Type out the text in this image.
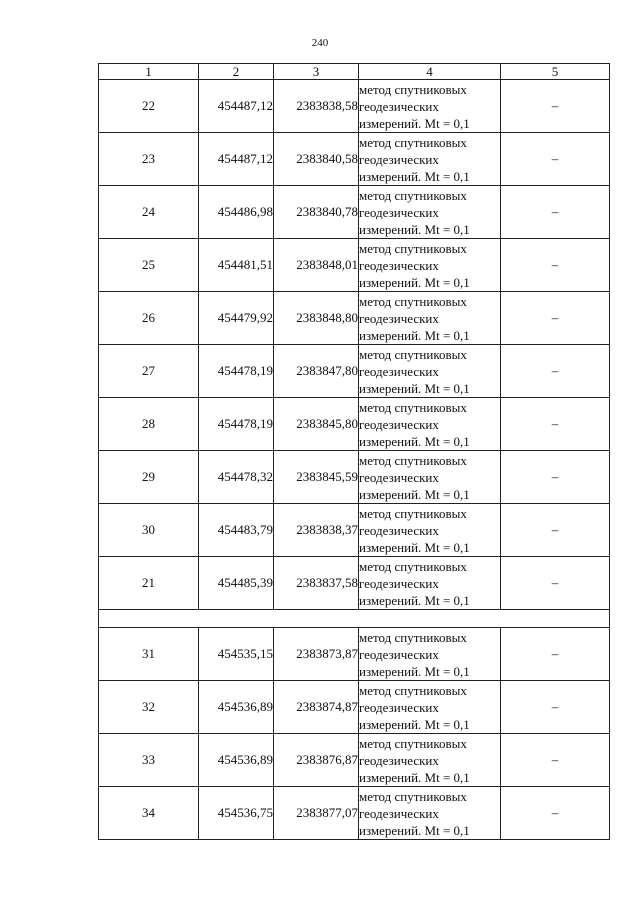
240
1	2	3	4	5
22	454487,12	2383838,58	метод спутниковых
геодезических
измерений. Mt = 0,1	–
23	454487,12	2383840,58	метод спутниковых
геодезических
измерений. Mt = 0,1	–
24	454486,98	2383840,78	метод спутниковых
геодезических
измерений. Mt = 0,1	–
25	454481,51	2383848,01	метод спутниковых
геодезических
измерений. Mt = 0,1	–
26	454479,92	2383848,80	метод спутниковых
геодезических
измерений. Mt = 0,1	–
27	454478,19	2383847,80	метод спутниковых
геодезических
измерений. Mt = 0,1	–
28	454478,19	2383845,80	метод спутниковых
геодезических
измерений. Mt = 0,1	–
29	454478,32	2383845,59	метод спутниковых
геодезических
измерений. Mt = 0,1	–
30	454483,79	2383838,37	метод спутниковых
геодезических
измерений. Mt = 0,1	–
21	454485,39	2383837,58	метод спутниковых
геодезических
измерений. Mt = 0,1	–

31	454535,15	2383873,87	метод спутниковых
геодезических
измерений. Mt = 0,1	–
32	454536,89	2383874,87	метод спутниковых
геодезических
измерений. Mt = 0,1	–
33	454536,89	2383876,87	метод спутниковых
геодезических
измерений. Mt = 0,1	–
34	454536,75	2383877,07	метод спутниковых
геодезических
измерений. Mt = 0,1	–
